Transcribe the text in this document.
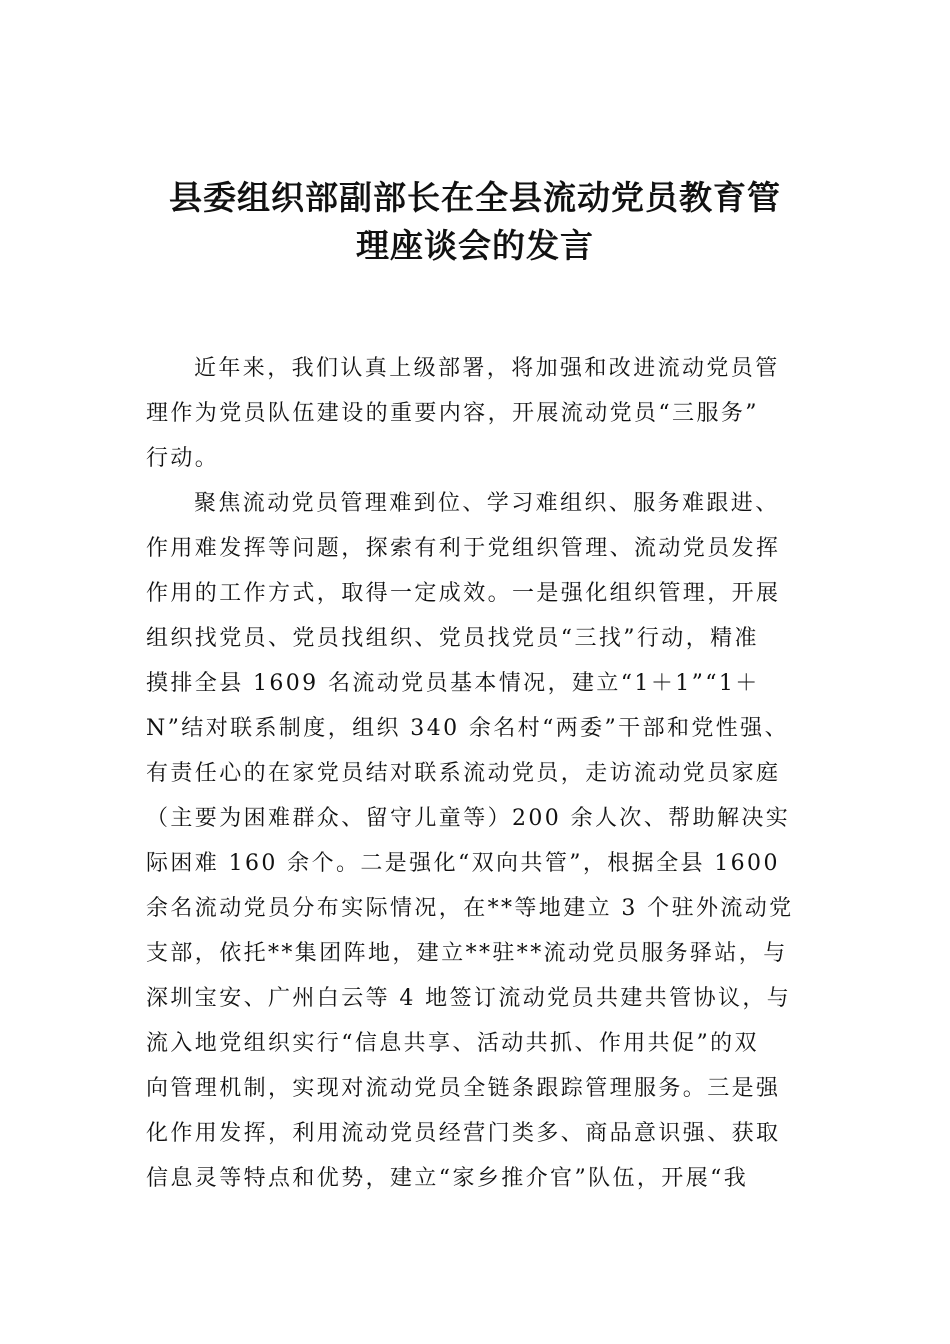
县委组织部副部长在全县流动党员教育管
理座谈会的发言
近年来，我们认真上级部署，将加强和改进流动党员管
理作为党员队伍建设的重要内容，开展流动党员“三服务”
行动。
聚焦流动党员管理难到位、学习难组织、服务难跟进、
作用难发挥等问题，探索有利于党组织管理、流动党员发挥
作用的工作方式，取得一定成效。一是强化组织管理，开展
组织找党员、党员找组织、党员找党员“三找”行动，精准
摸排全县 1609 名流动党员基本情况，建立“1＋1”“1＋
N”结对联系制度，组织 340 余名村“两委”干部和党性强、
有责任心的在家党员结对联系流动党员，走访流动党员家庭
（主要为困难群众、留守儿童等）200 余人次、帮助解决实
际困难 160 余个。二是强化“双向共管”，根据全县 1600
余名流动党员分布实际情况，在**等地建立 3 个驻外流动党
支部，依托**集团阵地，建立**驻**流动党员服务驿站，与
深圳宝安、广州白云等 4 地签订流动党员共建共管协议，与
流入地党组织实行“信息共享、活动共抓、作用共促”的双
向管理机制，实现对流动党员全链条跟踪管理服务。三是强
化作用发挥，利用流动党员经营门类多、商品意识强、获取
信息灵等特点和优势，建立“家乡推介官”队伍，开展“我
